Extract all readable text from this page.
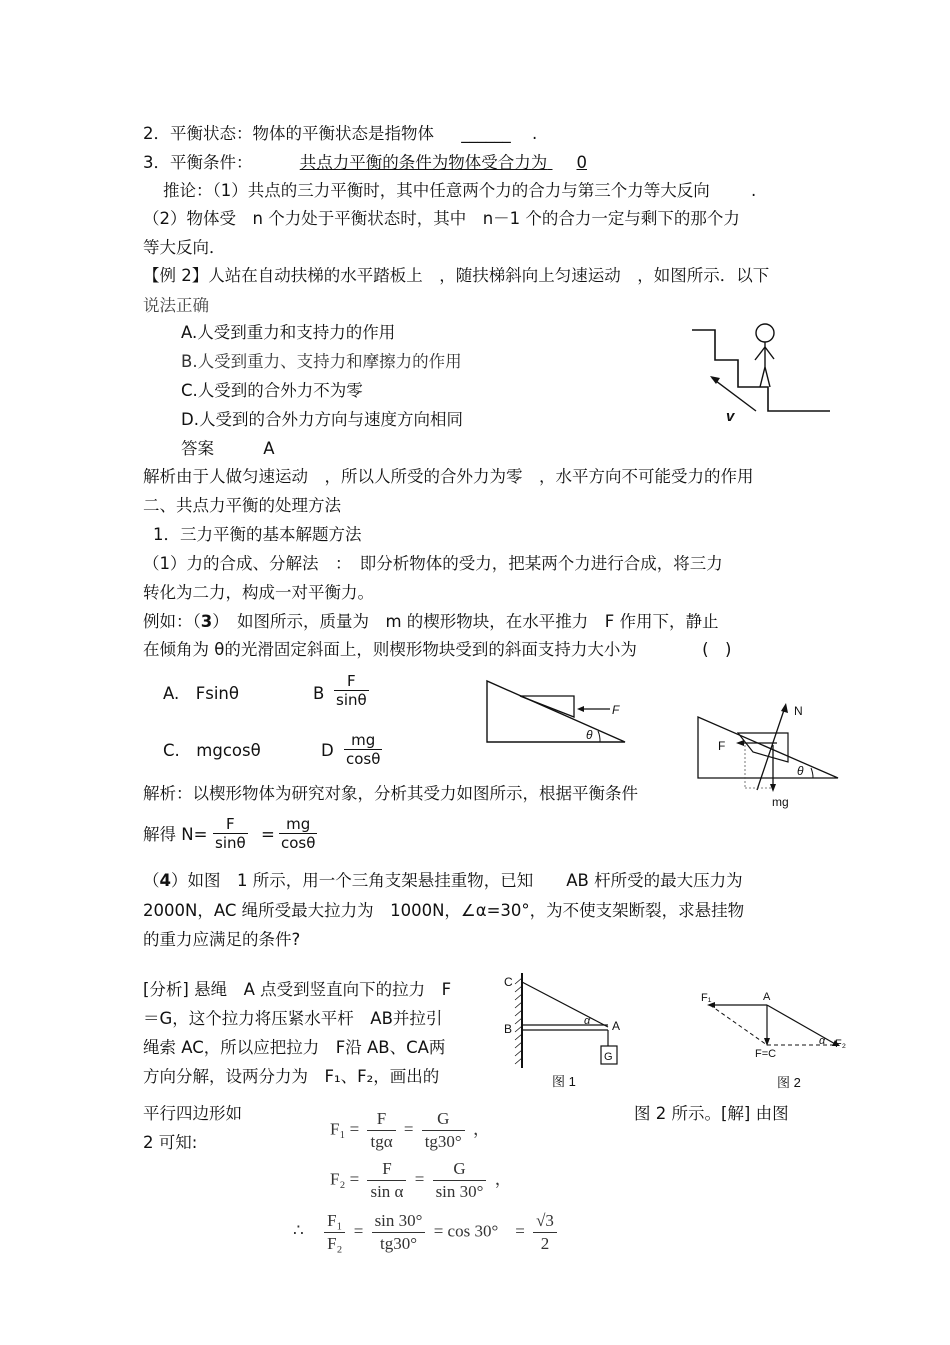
2．平衡状态：物体的平衡状态是指物体 ______ .
3．平衡条件：	共点力平衡的条件为物体受合力为 0
推论：（1）共点的三力平衡时，其中任意两个力的合力与第三个力等大反向	.
（2）物体受　n 个力处于平衡状态时，其中　n－1 个的合力一定与剩下的那个力
等大反向．
【例 2】人站在自动扶梯的水平踏板上　，随扶梯斜向上匀速运动　，如图所示．以下
说法正确
A.人受到重力和支持力的作用
B.人受到重力、支持力和摩擦力的作用
C.人受到的合外力不为零
D.人受到的合外力方向与速度方向相同
答案	A
解析由于人做匀速运动　，所以人所受的合外力为零　，水平方向不可能受力的作用
二、共点力平衡的处理方法
1．三力平衡的基本解题方法
（1）力的合成、分解法　：　即分析物体的受力，把某两个力进行合成，将三力
转化为二力，构成一对平衡力。
例如：（3）　如图所示，质量为　m 的楔形物块，在水平推力　F 作用下，静止
在倾角为 θ的光滑固定斜面上，则楔形物块受到的斜面支持力大小为	(　)
A.　Fsinθ	B $\frac{F}{\sin\theta}$
C.　mgcosθ	D $\frac{mg}{\cos\theta}$
解析：以楔形物体为研究对象，分析其受力如图所示，根据平衡条件
解得 $N= \frac{F}{\sin\theta} = \frac{mg}{\cos\theta}$
（4）如图　1 所示，用一个三角支架悬挂重物，已知　　AB 杆所受的最大压力为
2000N，AC 绳所受最大拉力为　1000N，∠α=30°，为不使支架断裂，求悬挂物
的重力应满足的条件?
[分析] 悬绳　A 点受到竖直向下的拉力　F
＝G，这个拉力将压紧水平杆　AB并拉引
绳索 AC，所以应把拉力　F沿 AB、CA两
方向分解，设两分力为　F₁、F₂，画出的
平行四边形如	图 2 所示。[解] 由图
2 可知:
v
F
θ
N
F
θ
mg
C
B	A
G
α
图 1
F₁	A
F=C
α F₂
图 2
F₁ =
F
tgα
= $\frac{G}{tg30^\circ}$ ，
$F_2 = \frac{F}{\text{sin α}} = \frac{G}{\sin 30^\circ}$ ，
∴ $\frac{\text{F₁}}{\text{F₂}} = \frac{\sin 30^\circ}{tg30^\circ} = \cos 30^\circ$　= $\frac{√3}{2}$
